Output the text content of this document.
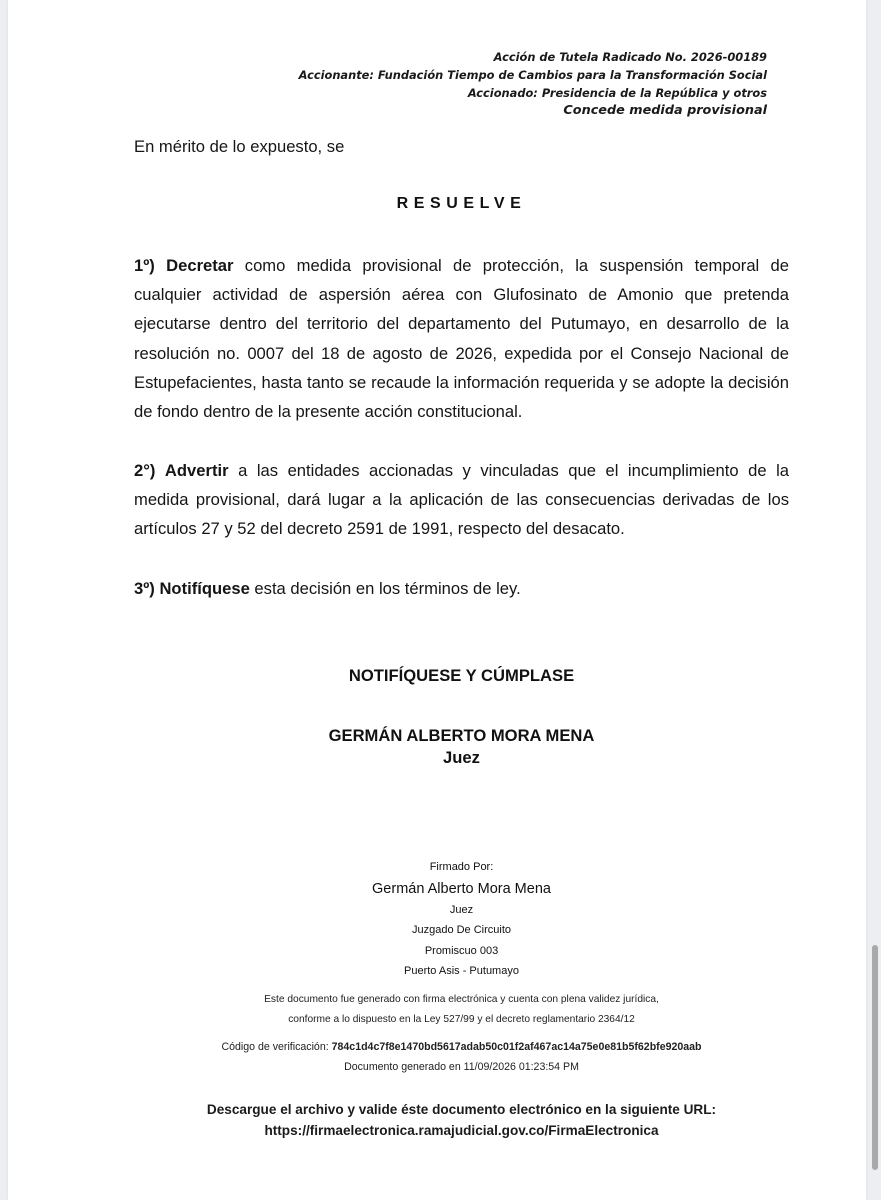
Acción de Tutela Radicado No. 2026-00189
Accionante: Fundación Tiempo de Cambios para la Transformación Social
Accionado: Presidencia de la República y otros
Concede medida provisional
En mérito de lo expuesto, se
RESUELVE
1º) Decretar como medida provisional de protección, la suspensión temporal de cualquier actividad de aspersión aérea con Glufosinato de Amonio que pretenda ejecutarse dentro del territorio del departamento del Putumayo, en desarrollo de la resolución no. 0007 del 18 de agosto de 2026, expedida por el Consejo Nacional de Estupefacientes, hasta tanto se recaude la información requerida y se adopte la decisión de fondo dentro de la presente acción constitucional.
2°) Advertir a las entidades accionadas y vinculadas que el incumplimiento de la medida provisional, dará lugar a la aplicación de las consecuencias derivadas de los artículos 27 y 52 del decreto 2591 de 1991, respecto del desacato.
3º) Notifíquese esta decisión en los términos de ley.
NOTIFÍQUESE Y CÚMPLASE
GERMÁN ALBERTO MORA MENA
Juez
Firmado Por:
Germán Alberto Mora Mena
Juez
Juzgado De Circuito
Promiscuo 003
Puerto Asis - Putumayo
Este documento fue generado con firma electrónica y cuenta con plena validez jurídica,
conforme a lo dispuesto en la Ley 527/99 y el decreto reglamentario 2364/12
Código de verificación: 784c1d4c7f8e1470bd5617adab50c01f2af467ac14a75e0e81b5f62bfe920aab
Documento generado en 11/09/2026 01:23:54 PM
Descargue el archivo y valide éste documento electrónico en la siguiente URL:
https://firmaelectronica.ramajudicial.gov.co/FirmaElectronica
